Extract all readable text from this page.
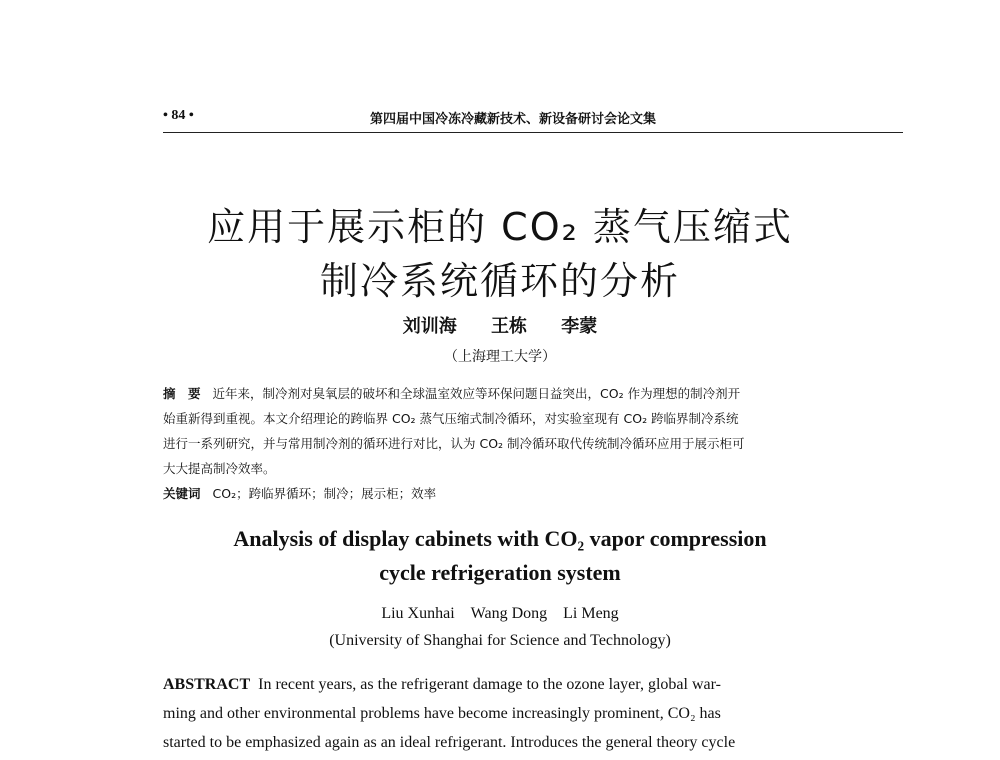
• 84 •	第四届中国冷冻冷藏新技术、新设备研讨会论文集
应用于展示柜的 CO₂ 蒸气压缩式
制冷系统循环的分析
刘训海 王栋 李蒙
（上海理工大学）
摘　要 近年来，制冷剂对臭氧层的破坏和全球温室效应等环保问题日益突出，CO₂ 作为理想的制冷剂开
始重新得到重视。本文介绍理论的跨临界 CO₂ 蒸气压缩式制冷循环，对实验室现有 CO₂ 跨临界制冷系统
进行一系列研究，并与常用制冷剂的循环进行对比，认为 CO₂ 制冷循环取代传统制冷循环应用于展示柜可
大大提高制冷效率。
关键词 CO₂；跨临界循环；制冷；展示柜；效率
Analysis of display cabinets with CO₂ vapor compression
cycle refrigeration system
Liu Xunhai Wang Dong Li Meng
(University of Shanghai for Science and Technology)
ABSTRACT In recent years, as the refrigerant damage to the ozone layer, global war-
ming and other environmental problems have become increasingly prominent, CO₂ has
started to be emphasized again as an ideal refrigerant. Introduces the general theory cycle
